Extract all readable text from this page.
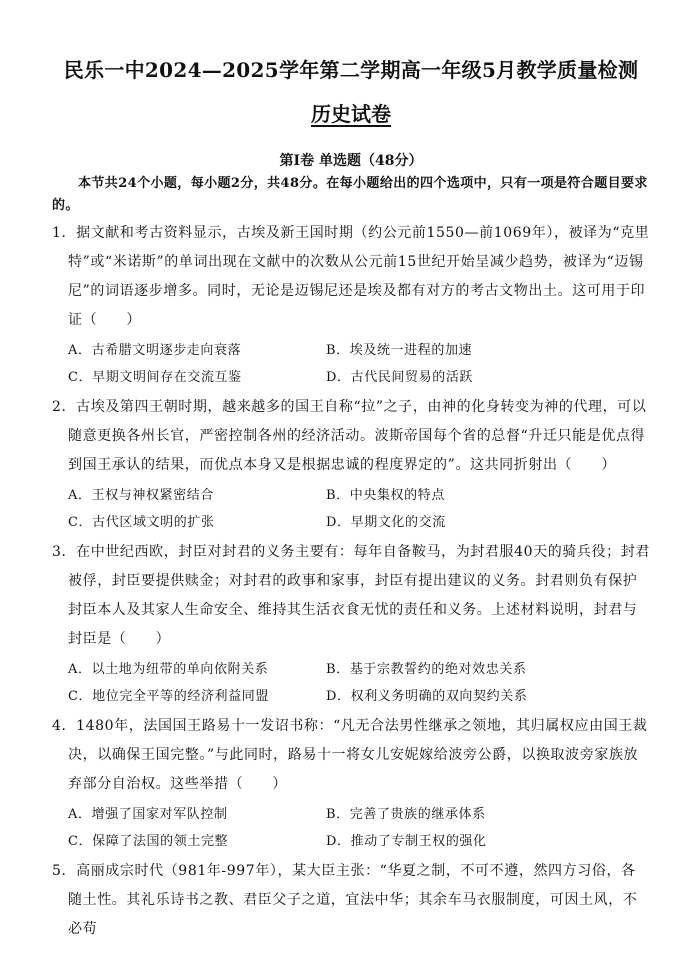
民乐一中2024—2025学年第二学期高一年级5月教学质量检测
历史试卷
第Ⅰ卷 单选题（48分）

本节共24个小题，每小题2分，共48分。在每小题给出的四个选项中，只有一项是符合题目要求的。

1．据文献和考古资料显示，古埃及新王国时期（约公元前1550—前1069年），被译为“克里特”或“米诺斯”的单词出现在文献中的次数从公元前15世纪开始呈减少趋势，被译为“迈锡尼”的词语逐步增多。同时，无论是迈锡尼还是埃及都有对方的考古文物出土。这可用于印证（　　）
A．古希腊文明逐步走向衰落	B．埃及统一进程的加速
C．早期文明间存在交流互鉴	D．古代民间贸易的活跃
2．古埃及第四王朝时期，越来越多的国王自称“拉”之子，由神的化身转变为神的代理，可以随意更换各州长官，严密控制各州的经济活动。波斯帝国每个省的总督“升迁只能是优点得到国王承认的结果，而优点本身又是根据忠诚的程度界定的”。这共同折射出（　　）
A．王权与神权紧密结合	B．中央集权的特点
C．古代区域文明的扩张	D．早期文化的交流
3．在中世纪西欧，封臣对封君的义务主要有：每年自备鞍马，为封君服40天的骑兵役；封君被俘，封臣要提供赎金；对封君的政事和家事，封臣有提出建议的义务。封君则负有保护封臣本人及其家人生命安全、维持其生活衣食无忧的责任和义务。上述材料说明，封君与封臣是（　　）
A．以土地为纽带的单向依附关系	B．基于宗教誓约的绝对效忠关系
C．地位完全平等的经济利益同盟	D．权利义务明确的双向契约关系
4．1480年，法国国王路易十一发诏书称：“凡无合法男性继承之领地，其归属权应由国王裁决，以确保王国完整。”与此同时，路易十一将女儿安妮嫁给波旁公爵，以换取波旁家族放弃部分自治权。这些举措（　　）
A．增强了国家对军队控制	B．完善了贵族的继承体系
C．保障了法国的领土完整	D．推动了专制王权的强化
5．高丽成宗时代（981年-997年），某大臣主张：“华夏之制，不可不遵，然四方习俗，各随土性。其礼乐诗书之教、君臣父子之道，宜法中华；其余车马衣服制度，可因土风，不必苟
